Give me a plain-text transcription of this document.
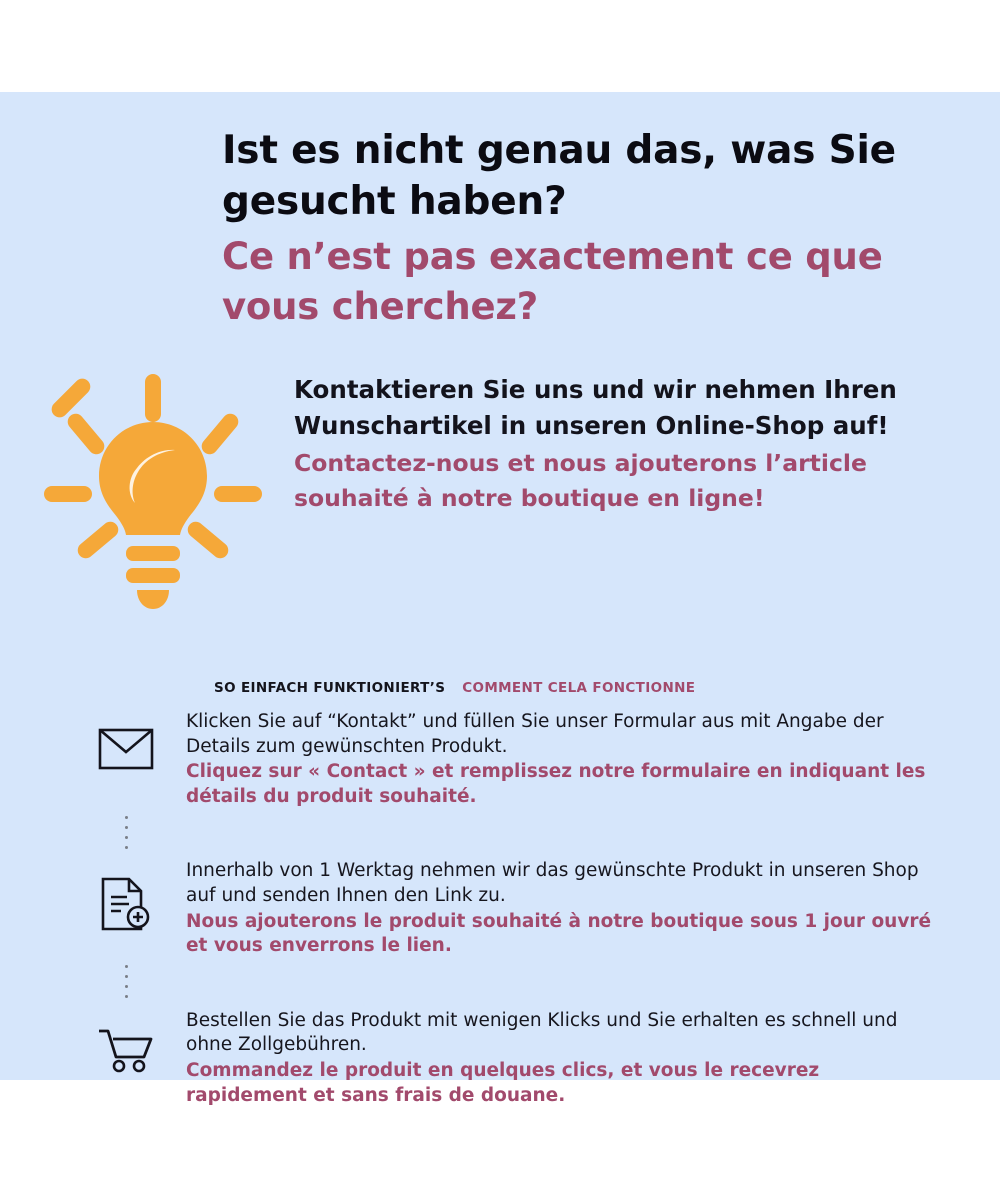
Ist es nicht genau das, was Sie gesucht haben?
Ce n’est pas exactement ce que vous cherchez?

Kontaktieren Sie uns und wir nehmen Ihren Wunschartikel in unseren Online-Shop auf!

Contactez-nous et nous ajouterons l’article souhaité à notre boutique en ligne!

SO EINFACH FUNKTIONIERT’S COMMENT CELA FONCTIONNE

Klicken Sie auf “Kontakt” und füllen Sie unser Formular aus mit Angabe der Details zum gewünschten Produkt.

Cliquez sur « Contact » et remplissez notre formulaire en indiquant les détails du produit souhaité.

Innerhalb von 1 Werktag nehmen wir das gewünschte Produkt in unseren Shop auf und senden Ihnen den Link zu.

Nous ajouterons le produit souhaité à notre boutique sous 1 jour ouvré et vous enverrons le lien.

Bestellen Sie das Produkt mit wenigen Klicks und Sie erhalten es schnell und ohne Zollgebühren.

Commandez le produit en quelques clics, et vous le recevrez rapidement et sans frais de douane.
